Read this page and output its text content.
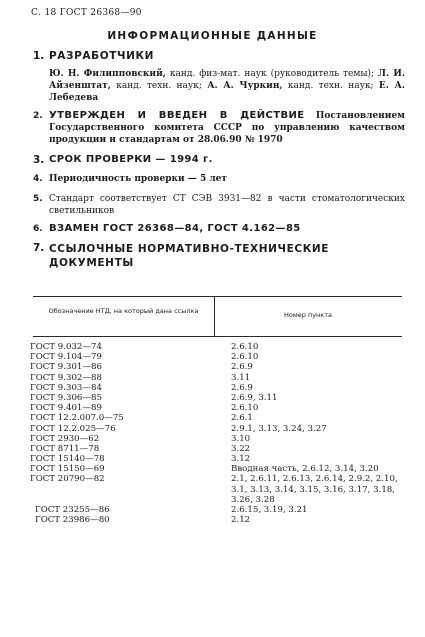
С. 18 ГОСТ 26368—90
ИНФОРМАЦИОННЫЕ ДАННЫЕ
1. РАЗРАБОТЧИКИ
Ю. Н. Филипповский, канд. физ-мат. наук (руководитель темы); Л. И. Айзенштат, канд. техн. наук; А. А. Чуркин, канд. техн. наук; Е. А. Лебедева
2. УТВЕРЖДЕН И ВВЕДЕН В ДЕЙСТВИЕ Постановлением Государственного комитета СССР по управлению качеством продукции и стандартам от 28.06.90 № 1970
3. СРОК ПРОВЕРКИ — 1994 г.
4. Периодичность проверки — 5 лет
5. Стандарт соответствует СТ СЭВ 3931—82 в части стоматологических светильников
6. ВЗАМЕН ГОСТ 26368—84, ГОСТ 4.162—85
7. ССЫЛОЧНЫЕ НОРМАТИВНО-ТЕХНИЧЕСКИЕ ДОКУМЕНТЫ
Обозначение НТД, на который дана ссылка	Номер пункта
ГОСТ 9.032—74	2.6.10
ГОСТ 9.104—79	2.6.10
ГОСТ 9.301—86	2.6.9
ГОСТ 9.302—88	3.11
ГОСТ 9.303—84	2.6.9
ГОСТ 9.306—85	2.6.9, 3.11
ГОСТ 9.401—89	2.6.10
ГОСТ 12.2.007.0—75	2.6.1
ГОСТ 12.2.025—76	2.9.1, 3.13, 3.24, 3.27
ГОСТ 2930—62	3.10
ГОСТ 8711—78	3.22
ГОСТ 15140—78	3.12
ГОСТ 15150—69	Вводная часть, 2.6.12, 3.14, 3.20
ГОСТ 20790—82	2.1, 2.6.11, 2.6.13, 2.6.14, 2.9.2, 2.10,
3.1, 3.13, 3.14, 3.15, 3.16, 3.17, 3.18,
3.26, 3.28
ГОСТ 23255—86	2.6.15, 3.19, 3.21
ГОСТ 23986—80	2.12
